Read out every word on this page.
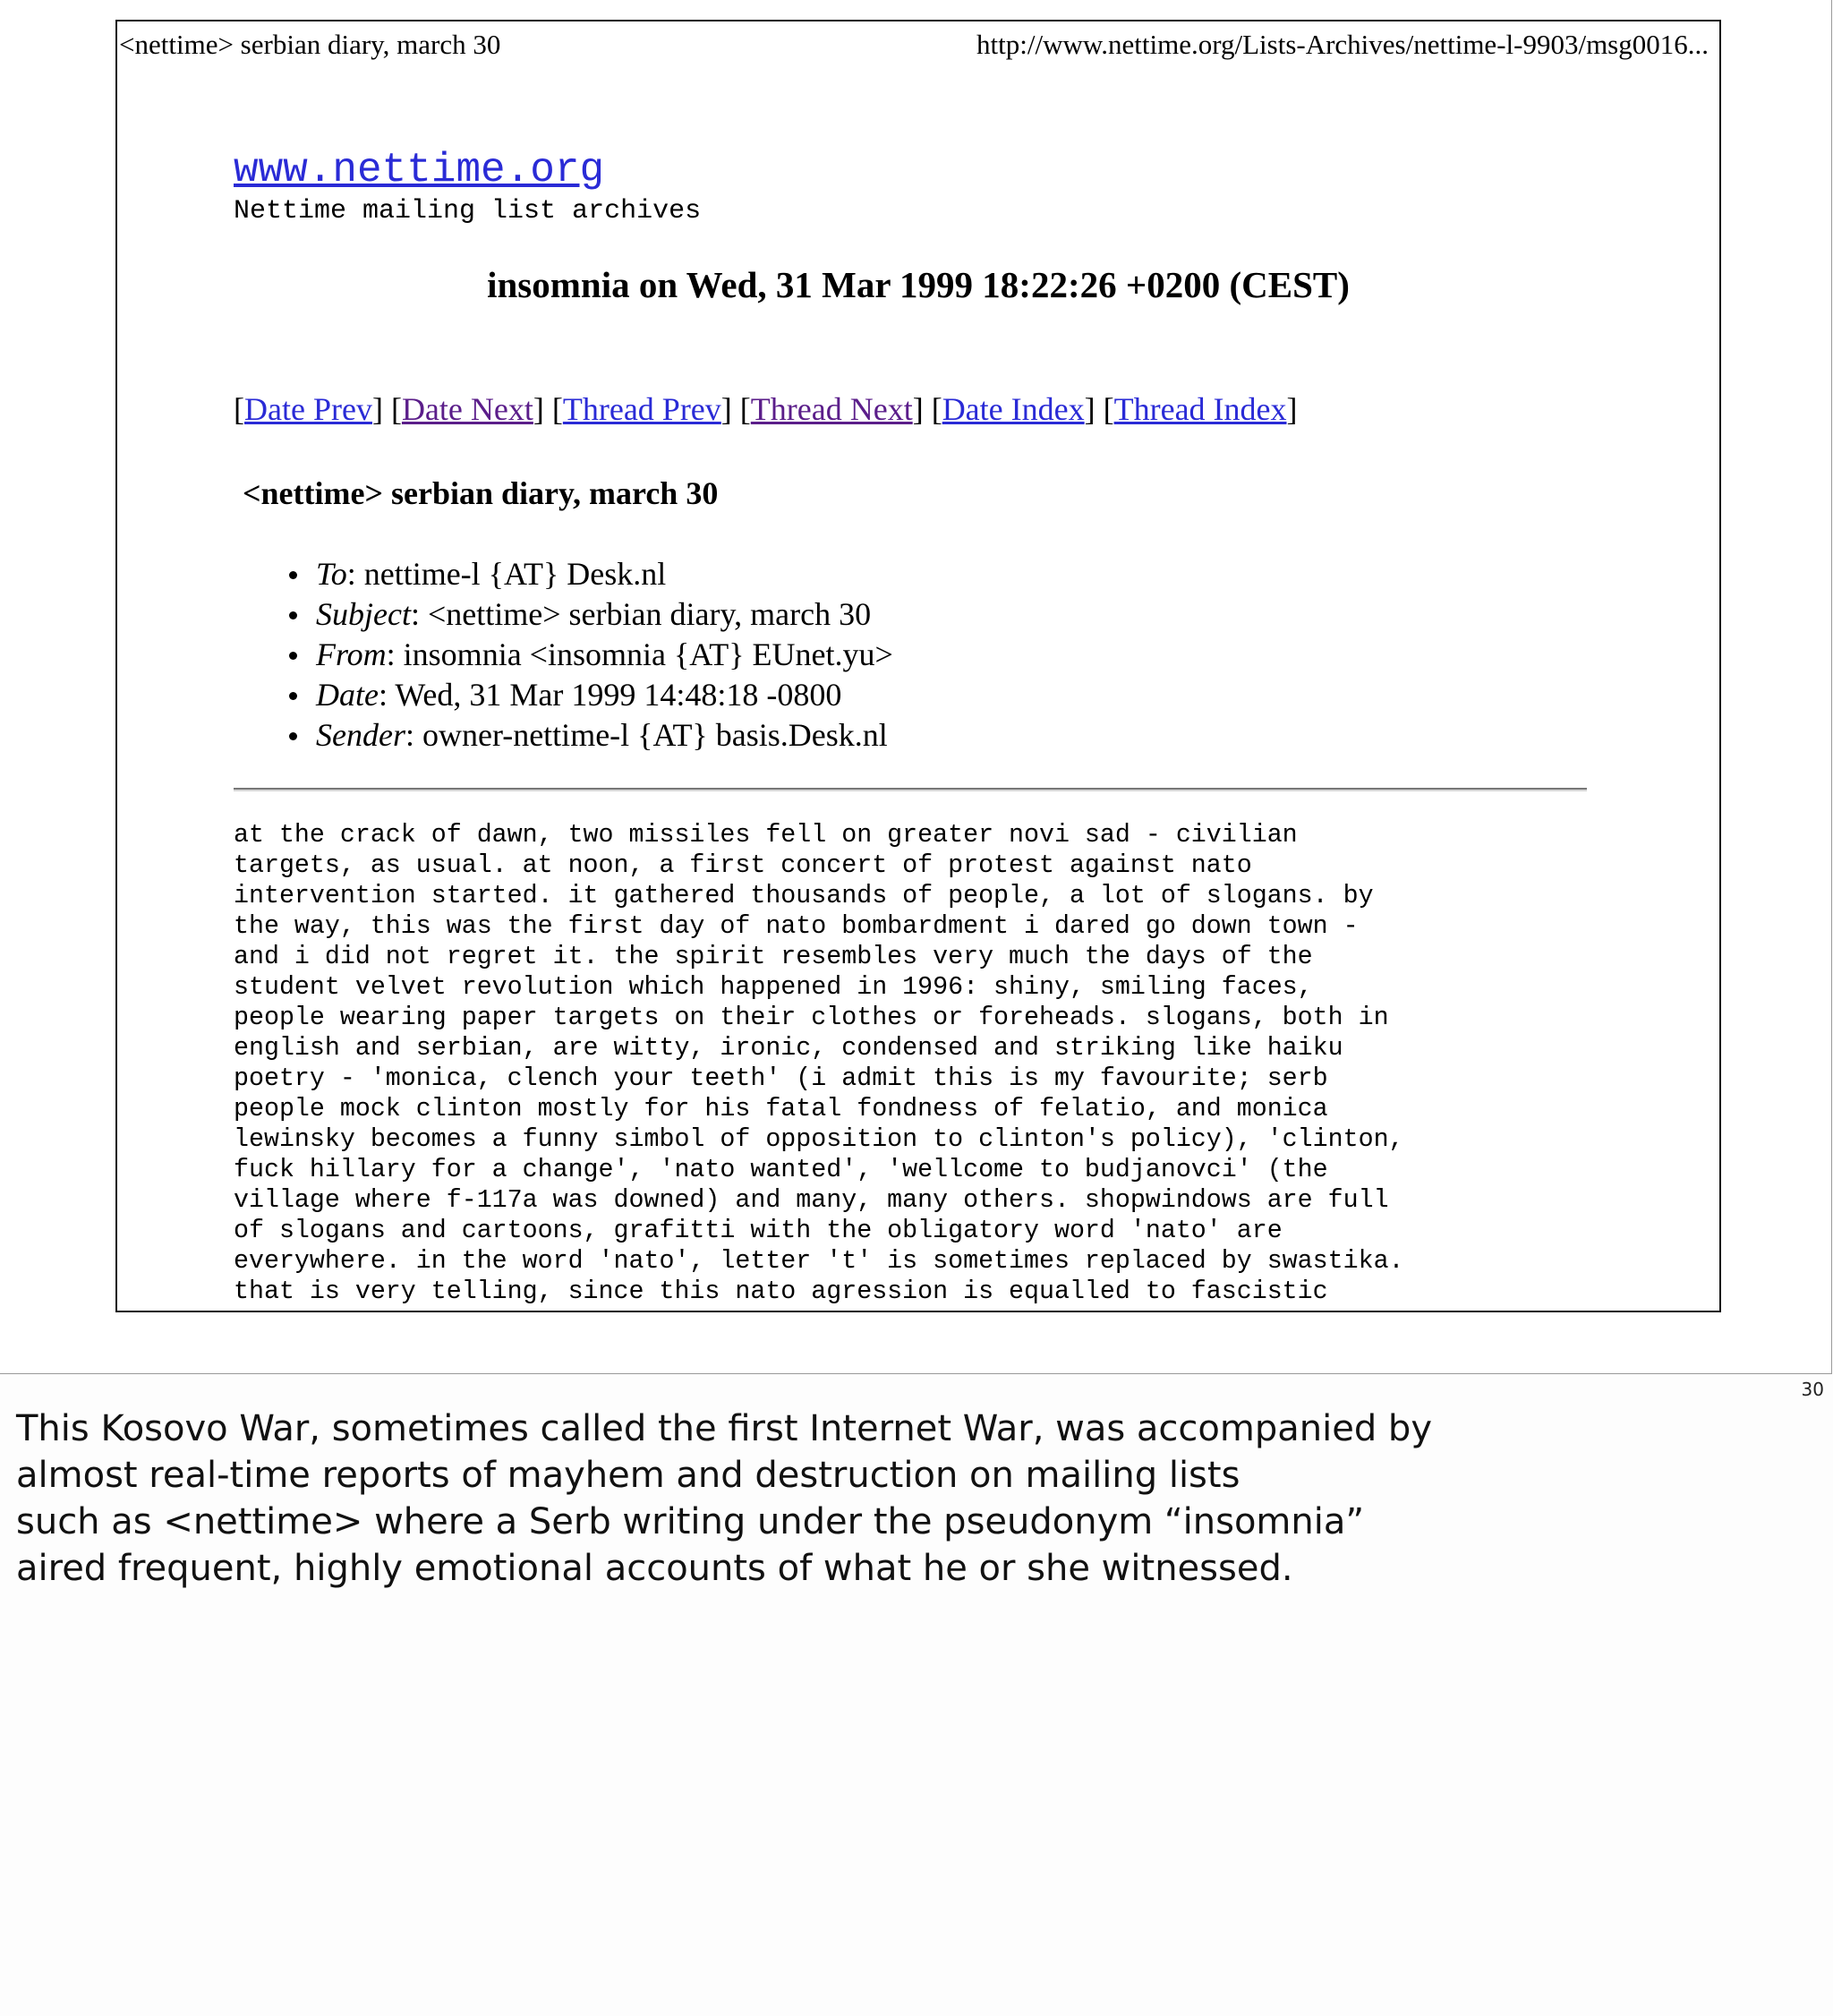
<nettime> serbian diary, march 30	http://www.nettime.org/Lists-Archives/nettime-l-9903/msg0016...
www.nettime.org
Nettime mailing list archives
insomnia on Wed, 31 Mar 1999 18:22:26 +0200 (CEST)
[Date Prev] [Date Next] [Thread Prev] [Thread Next] [Date Index] [Thread Index]
<nettime> serbian diary, march 30
To: nettime-l {AT} Desk.nl
Subject: <nettime> serbian diary, march 30
From: insomnia <insomnia {AT} EUnet.yu>
Date: Wed, 31 Mar 1999 14:48:18 -0800
Sender: owner-nettime-l {AT} basis.Desk.nl
at the crack of dawn, two missiles fell on greater novi sad - civilian
targets, as usual. at noon, a first concert of protest against nato
intervention started. it gathered thousands of people, a lot of slogans. by
the way, this was the first day of nato bombardment i dared go down town -
and i did not regret it. the spirit resembles very much the days of the
student velvet revolution which happened in 1996: shiny, smiling faces,
people wearing paper targets on their clothes or foreheads. slogans, both in
english and serbian, are witty, ironic, condensed and striking like haiku
poetry - 'monica, clench your teeth' (i admit this is my favourite; serb
people mock clinton mostly for his fatal fondness of felatio, and monica
lewinsky becomes a funny simbol of opposition to clinton's policy), 'clinton,
fuck hillary for a change', 'nato wanted', 'wellcome to budjanovci' (the
village where f-117a was downed) and many, many others. shopwindows are full
of slogans and cartoons, grafitti with the obligatory word 'nato' are
everywhere. in the word 'nato', letter 't' is sometimes replaced by swastika.
that is very telling, since this nato agression is equalled to fascistic
30

This Kosovo War, sometimes called the first Internet War, was accompanied by
almost real-time reports of mayhem and destruction on mailing lists
such as <nettime> where a Serb writing under the pseudonym “insomnia”
aired frequent, highly emotional accounts of what he or she witnessed.
